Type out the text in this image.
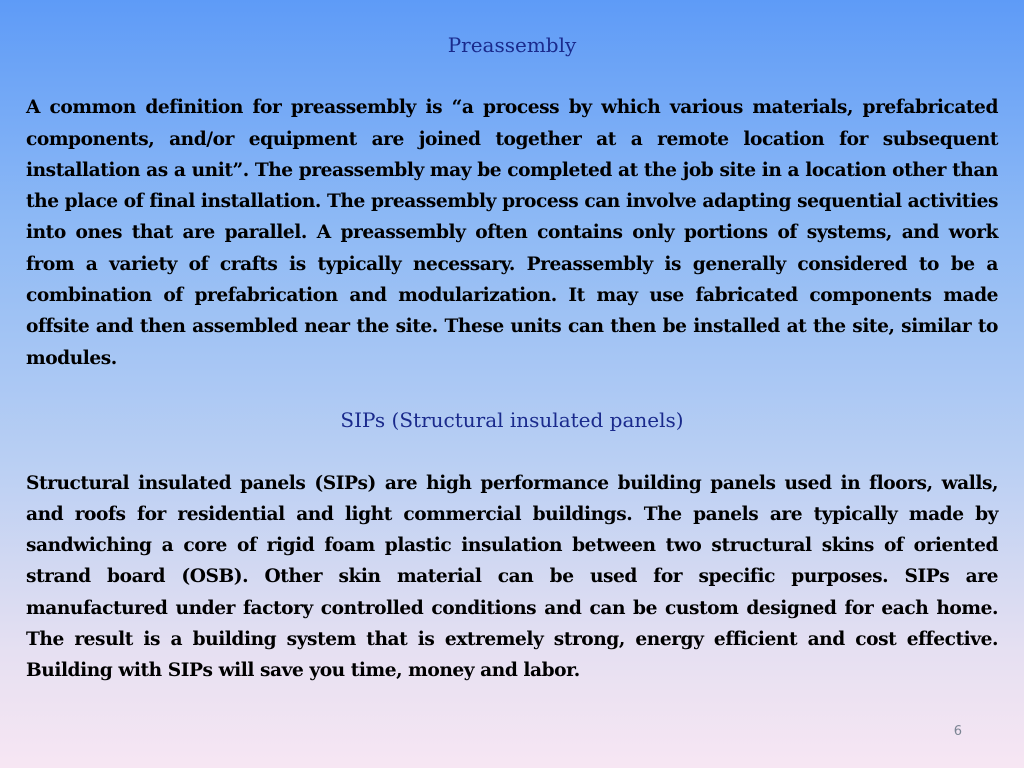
Preassembly

A common definition for preassembly is “a process by which various materials, prefabricated components, and/or equipment are joined together at a remote location for subsequent installation as a unit”. The preassembly may be completed at the job site in a location other than the place of final installation. The preassembly process can involve adapting sequential activities into ones that are parallel. A preassembly often contains only portions of systems, and work from a variety of crafts is typically necessary. Preassembly is generally considered to be a combination of prefabrication and modularization. It may use fabricated components made offsite and then assembled near the site. These units can then be installed at the site, similar to modules.

SIPs (Structural insulated panels)

Structural insulated panels (SIPs) are high performance building panels used in floors, walls, and roofs for residential and light commercial buildings. The panels are typically made by sandwiching a core of rigid foam plastic insulation between two structural skins of oriented strand board (OSB). Other skin material can be used for specific purposes. SIPs are manufactured under factory controlled conditions and can be custom designed for each home. The result is a building system that is extremely strong, energy efficient and cost effective. Building with SIPs will save you time, money and labor.

6
